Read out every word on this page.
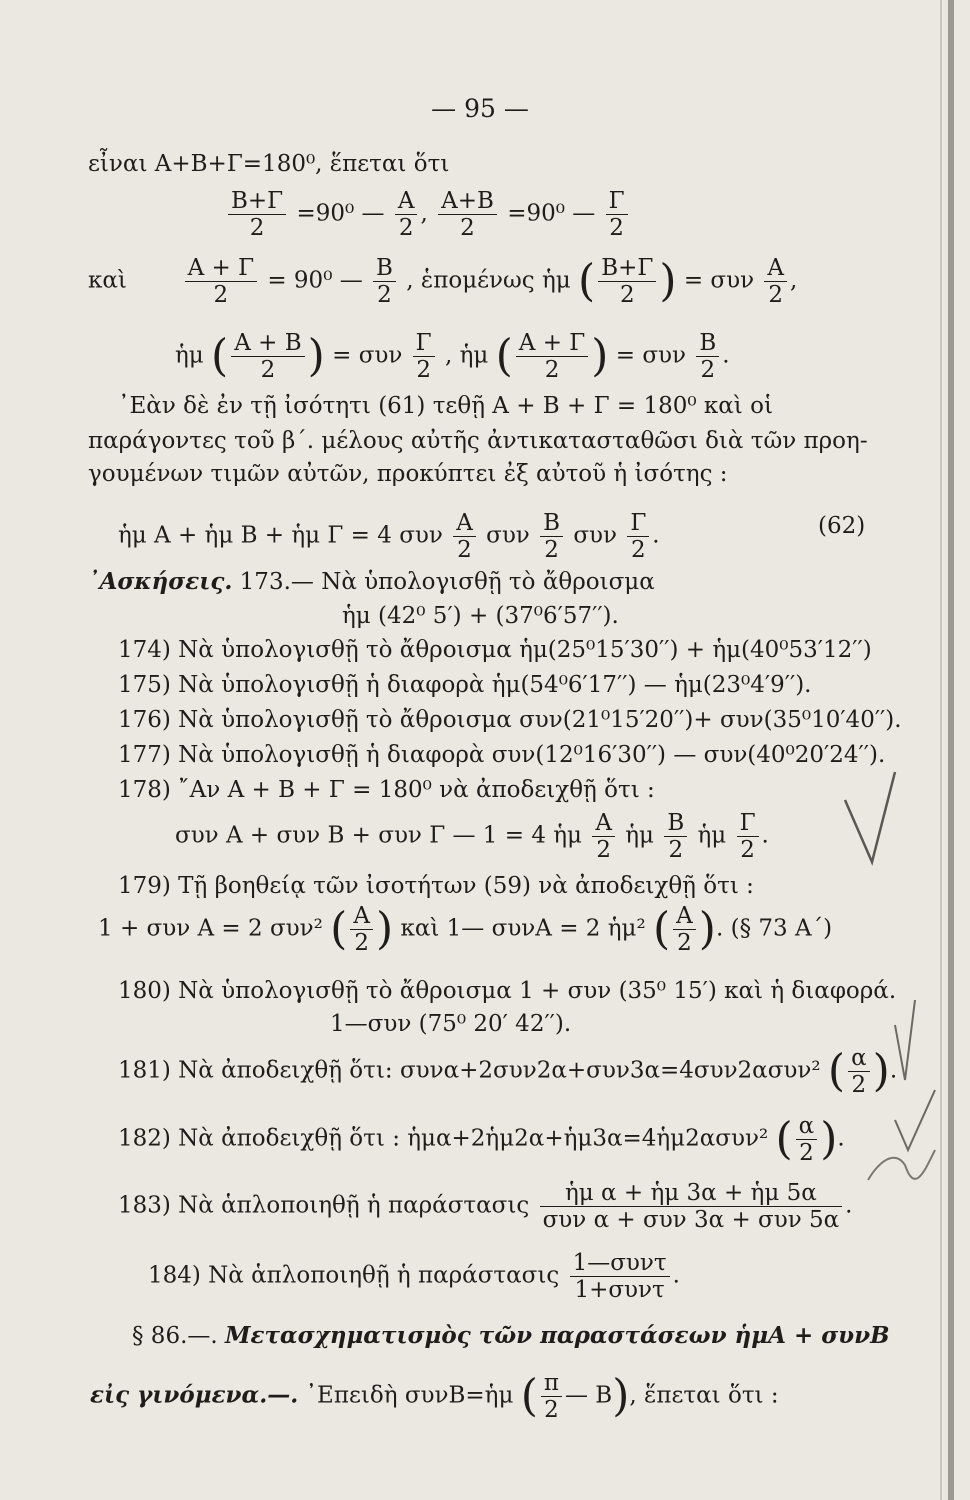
— 95 —
εἶναι Α+Β+Γ=180⁰, ἕπεται ὅτι
$\frac{B+\Gamma}{2} =90^0$ — $\frac{A}{2}$ , $\frac{A+B}{2} =90^0$ — $\frac{\Gamma}{2}$
καὶ	$\frac{A + \Gamma}{2} = 90^0$ — $\frac{B}{2}$ , ἑπομένως ἡμ ( $\frac{B+\Gamma}{2}$ ) = συν $\frac{A}{2}$ ,
ἡμ ( $\frac{A + B}{2}$ ) = συν $\frac{\Gamma}{2}$ , ἡμ ( $\frac{A + \Gamma}{2}$ ) = συν $\frac{B}{2}$ .
᾿Εὰν δὲ ἐν τῇ ἰσότητι (61) τεθῇ Α + Β + Γ = 180⁰ καὶ οἱ
παράγοντες τοῦ β΄. μέλους αὐτῆς ἀντικατασταθῶσι διὰ τῶν προη-
γουμένων τιμῶν αὐτῶν, προκύπτει ἐξ αὐτοῦ ἡ ἰσότης :
ἡμ Α + ἡμ Β + ἡμ Γ = 4 συν $\frac{A}{2}$ συν $\frac{B}{2}$ συν $\frac{\Gamma}{2}$ .	(62)
᾿Ασκήσεις. 173.— Νὰ ὑπολογισθῇ τὸ ἄθροισμα
ἡμ (42⁰ 5′) + (37⁰6′57′′).
174) Νὰ ὑπολογισθῇ τὸ ἄθροισμα ἡμ(25⁰15′30′′) + ἡμ(40⁰53′12′′)
175) Νὰ ὑπολογισθῇ ἡ διαφορὰ ἡμ(54⁰6′17′′) — ἡμ(23⁰4′9′′).
176) Νὰ ὑπολογισθῇ τὸ ἄθροισμα συν(21⁰15′20′′)+ συν(35⁰10′40′′).
177) Νὰ ὑπολογισθῇ ἡ διαφορὰ συν(12⁰16′30′′) — συν(40⁰20′24′′).
178) ῎Αν Α + Β + Γ = 180⁰ νὰ ἀποδειχθῇ ὅτι :
συν Α + συν Β + συν Γ — 1 = 4 ἡμ $\frac{A}{2}$ ἡμ $\frac{B}{2}$ ἡμ $\frac{\Gamma}{2}$ .
179) Τῇ βοηθείᾳ τῶν ἰσοτήτων (59) νὰ ἀποδειχθῇ ὅτι :
1 + συν Α = 2 συν² ( $\frac{A}{2}$ ) καὶ 1— συνΑ = 2 ἡμ² ( $\frac{A}{2}$ ). (§ 73 Α΄)
180) Νὰ ὑπολογισθῇ τὸ ἄθροισμα 1 + συν (35⁰ 15′) καὶ ἡ διαφορά.
1—συν (75⁰ 20′ 42′′).
181) Νὰ ἀποδειχθῇ ὅτι: συνα+2συν2α+συν3α=4συν2ασυν² ( $\frac{\alpha}{2}$ ).
182) Νὰ ἀποδειχθῇ ὅτι : ἡμα+2ἡμ2α+ἡμ3α=4ἡμ2ασυν² ( $\frac{\alpha}{2}$ ).
183) Νὰ ἁπλοποιηθῇ ἡ παράστασις $\frac{\text{ἡμ α + ἡμ 3α + ἡμ 5α}}{\text{συν α + συν 3α + συν 5α}}$ .
184) Νὰ ἁπλοποιηθῇ ἡ παράστασις $\frac{\text{1—συντ}}{\text{1+συντ}}$ .
§ 86.—. Μετασχηματισμὸς τῶν παραστάσεων ἡμΑ + συνΒ
εἰς γινόμενα.—. ᾿Επειδὴ συνΒ=ἡμ ( $\frac{\pi}{2}$ — Β), ἕπεται ὅτι :
